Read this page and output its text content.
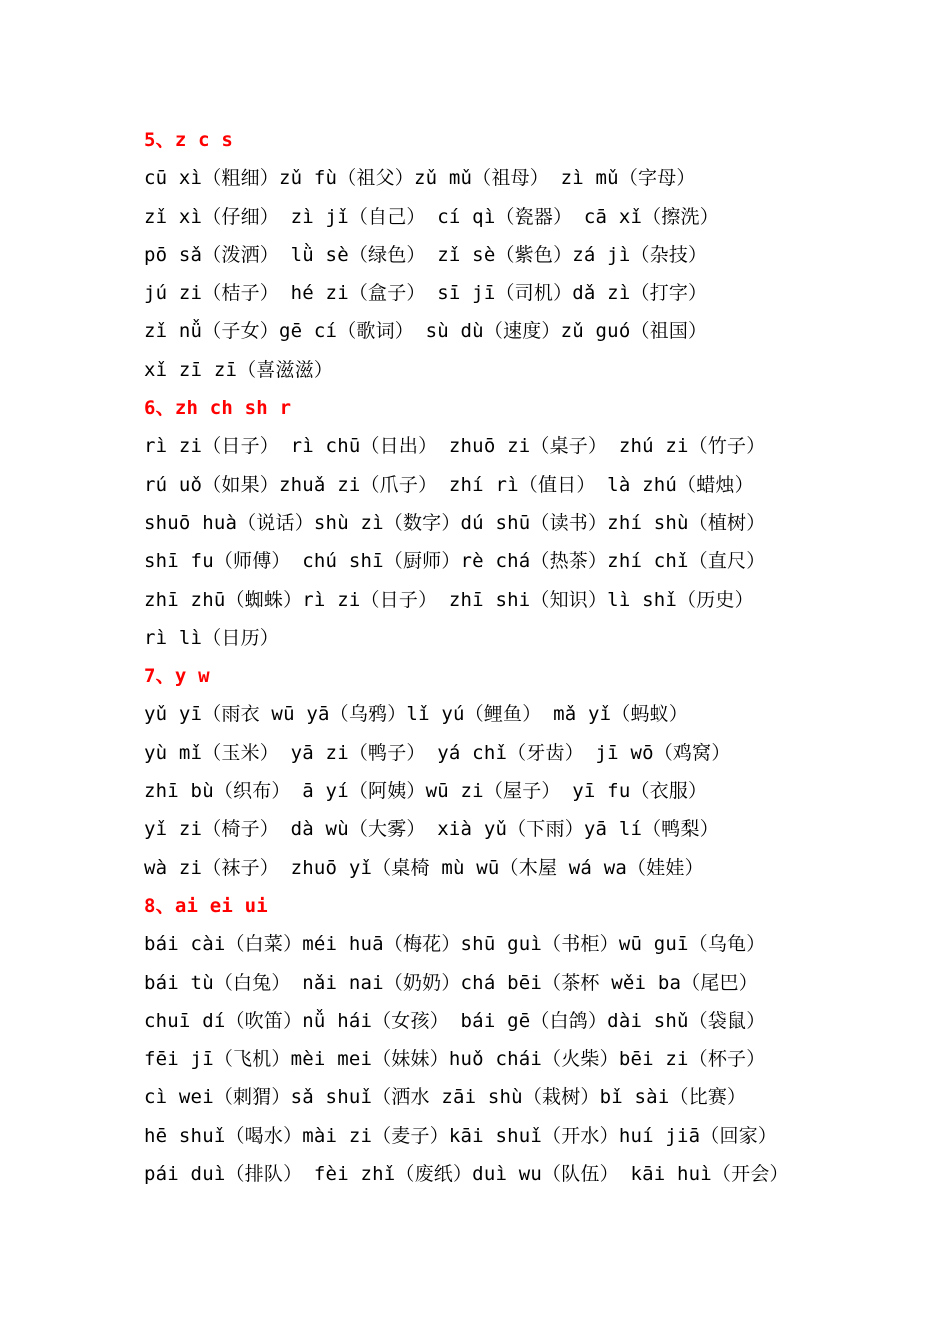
5、z c s
cū xì（粗细）zǔ fù（祖父）zǔ mǔ（祖母） zì mǔ（字母）
zǐ xì（仔细） zì jǐ（自己） cí qì（瓷器） cā xǐ（擦洗）
pō sǎ（泼洒） lǜ sè（绿色） zǐ sè（紫色）zá jì（杂技）
jú zi（桔子） hé zi（盒子） sī jī（司机）dǎ zì（打字）
zǐ nǚ（子女）gē cí（歌词） sù dù（速度）zǔ guó（祖国）
xǐ zī zī（喜滋滋）
6、zh ch sh r
rì zi（日子） rì chū（日出） zhuō zi（桌子） zhú zi（竹子）
rú uǒ（如果）zhuǎ zi（爪子） zhí rì（值日） là zhú（蜡烛）
shuō huà（说话）shù zì（数字）dú shū（读书）zhí shù（植树）
shī fu（师傅） chú shī（厨师）rè chá（热茶）zhí chǐ（直尺）
zhī zhū（蜘蛛）rì zi（日子） zhī shi（知识）lì shǐ（历史）
rì lì（日历）
7、y w
yǔ yī（雨衣 wū yā（乌鸦）lǐ yú（鲤鱼） mǎ yǐ（蚂蚁）
yù mǐ（玉米） yā zi（鸭子） yá chǐ（牙齿） jī wō（鸡窝）
zhī bù（织布） ā yí（阿姨）wū zi（屋子） yī fu（衣服）
yǐ zi（椅子） dà wù（大雾） xià yǔ（下雨）yā lí（鸭梨）
wà zi（袜子） zhuō yǐ（桌椅 mù wū（木屋 wá wa（娃娃）
8、ai ei ui
bái cài（白菜）méi huā（梅花）shū guì（书柜）wū guī（乌龟）
bái tù（白兔） nǎi nai（奶奶）chá bēi（茶杯 wěi ba（尾巴）
chuī dí（吹笛）nǚ hái（女孩） bái gē（白鸽）dài shǔ（袋鼠）
fēi jī（飞机）mèi mei（妹妹）huǒ chái（火柴）bēi zi（杯子）
cì wei（刺猬）sǎ shuǐ（洒水 zāi shù（栽树）bǐ sài（比赛）
hē shuǐ（喝水）mài zi（麦子）kāi shuǐ（开水）huí jiā（回家）
pái duì（排队） fèi zhǐ（废纸）duì wu（队伍） kāi huì（开会）
